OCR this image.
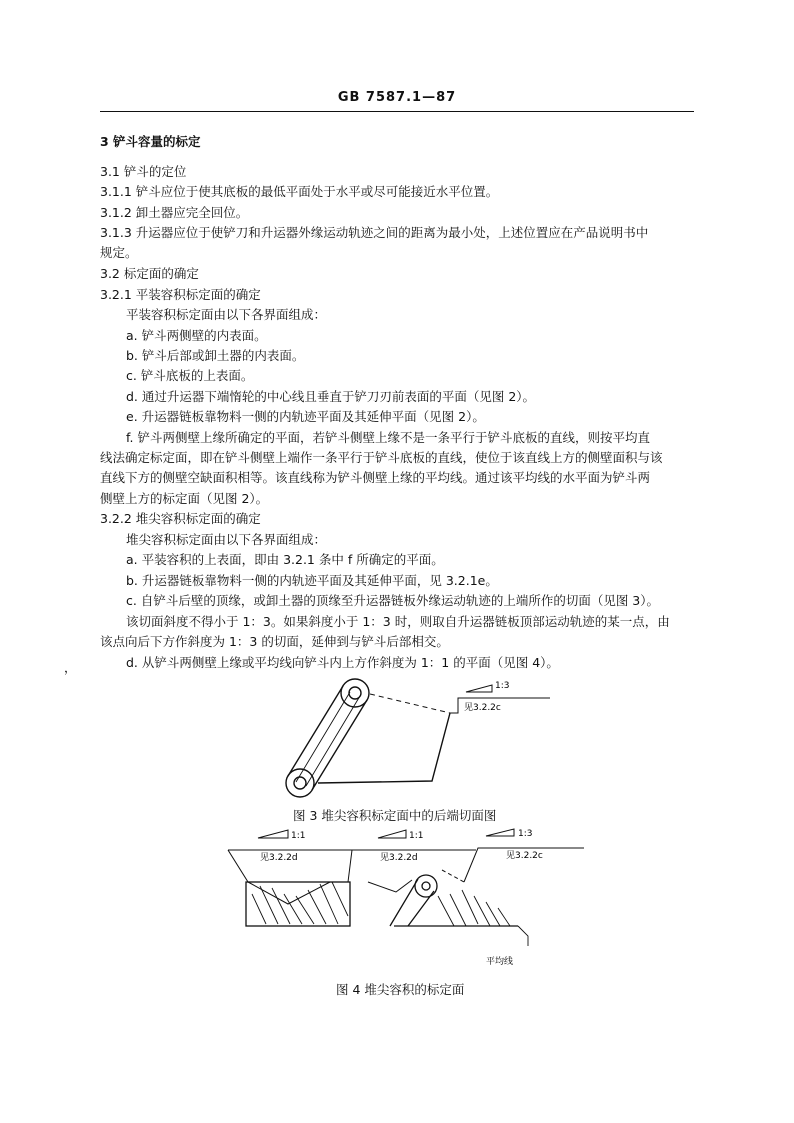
GB 7587.1—87
3 铲斗容量的标定
3.1 铲斗的定位
3.1.1 铲斗应位于使其底板的最低平面处于水平或尽可能接近水平位置。
3.1.2 卸土器应完全回位。
3.1.3 升运器应位于使铲刀和升运器外缘运动轨迹之间的距离为最小处，上述位置应在产品说明书中
规定。
3.2 标定面的确定
3.2.1 平装容积标定面的确定
平装容积标定面由以下各界面组成：
a. 铲斗两侧壁的内表面。
b. 铲斗后部或卸土器的内表面。
c. 铲斗底板的上表面。
d. 通过升运器下端惰轮的中心线且垂直于铲刀刃前表面的平面（见图 2）。
e. 升运器链板靠物料一侧的内轨迹平面及其延伸平面（见图 2）。
f. 铲斗两侧壁上缘所确定的平面，若铲斗侧壁上缘不是一条平行于铲斗底板的直线，则按平均直
线法确定标定面，即在铲斗侧壁上端作一条平行于铲斗底板的直线，使位于该直线上方的侧壁面积与该
直线下方的侧壁空缺面积相等。该直线称为铲斗侧壁上缘的平均线。通过该平均线的水平面为铲斗两
侧壁上方的标定面（见图 2）。
3.2.2 堆尖容积标定面的确定
堆尖容积标定面由以下各界面组成：
a. 平装容积的上表面，即由 3.2.1 条中 f 所确定的平面。
b. 升运器链板靠物料一侧的内轨迹平面及其延伸平面，见 3.2.1e。
c. 自铲斗后壁的顶缘，或卸土器的顶缘至升运器链板外缘运动轨迹的上端所作的切面（见图 3）。
该切面斜度不得小于 1：3。如果斜度小于 1：3 时，则取自升运器链板顶部运动轨迹的某一点，由
该点向后下方作斜度为 1：3 的切面，延伸到与铲斗后部相交。
d. 从铲斗两侧壁上缘或平均线向铲斗内上方作斜度为 1：1 的平面（见图 4）。
，
1:3
见3.2.2c
图 3 堆尖容积标定面中的后端切面图
1:1
见3.2.2d
1:1
见3.2.2d
1:3
见3.2.2c
平均线
图 4 堆尖容积的标定面
